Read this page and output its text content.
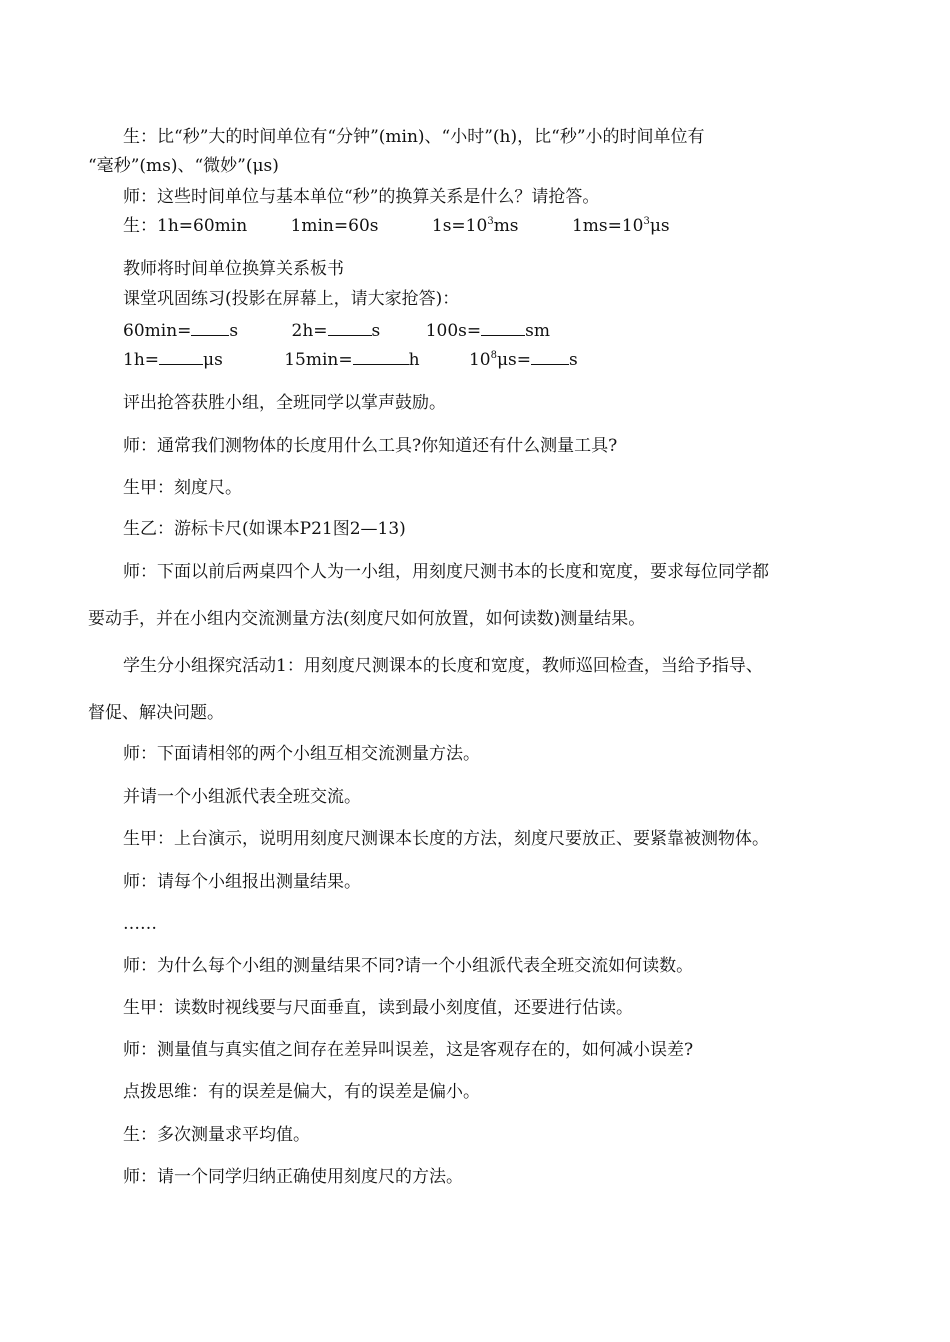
生：比“秒”大的时间单位有“分钟”(min)、“小时”(h)，比“秒”小的时间单位有
“毫秒”(ms)、“微妙”(μs)
师：这些时间单位与基本单位“秒”的换算关系是什么？请抢答。
生：1h=60min	1min=60s	$1s=10^3ms$	$1ms=10^3\mu s$
教师将时间单位换算关系板书
课堂巩固练习(投影在屏幕上，请大家抢答)：
60min= s	2h=	s	100s=	sm
1h=	μs	15min=	h	$10^8\mu s= s$
评出抢答获胜小组，全班同学以掌声鼓励。
师：通常我们测物体的长度用什么工具?你知道还有什么测量工具?
生甲：刻度尺。
生乙：游标卡尺(如课本P21图2—13)
师：下面以前后两桌四个人为一小组，用刻度尺测书本的长度和宽度，要求每位同学都
要动手，并在小组内交流测量方法(刻度尺如何放置，如何读数)测量结果。
学生分小组探究活动1：用刻度尺测课本的长度和宽度，教师巡回检查，当给予指导、
督促、解决问题。
师：下面请相邻的两个小组互相交流测量方法。
并请一个小组派代表全班交流。
生甲：上台演示，说明用刻度尺测课本长度的方法，刻度尺要放正、要紧靠被测物体。
师：请每个小组报出测量结果。
……
师：为什么每个小组的测量结果不同?请一个小组派代表全班交流如何读数。
生甲：读数时视线要与尺面垂直，读到最小刻度值，还要进行估读。
师：测量值与真实值之间存在差异叫误差，这是客观存在的，如何减小误差?
点拨思维：有的误差是偏大，有的误差是偏小。
生：多次测量求平均值。
师：请一个同学归纳正确使用刻度尺的方法。
